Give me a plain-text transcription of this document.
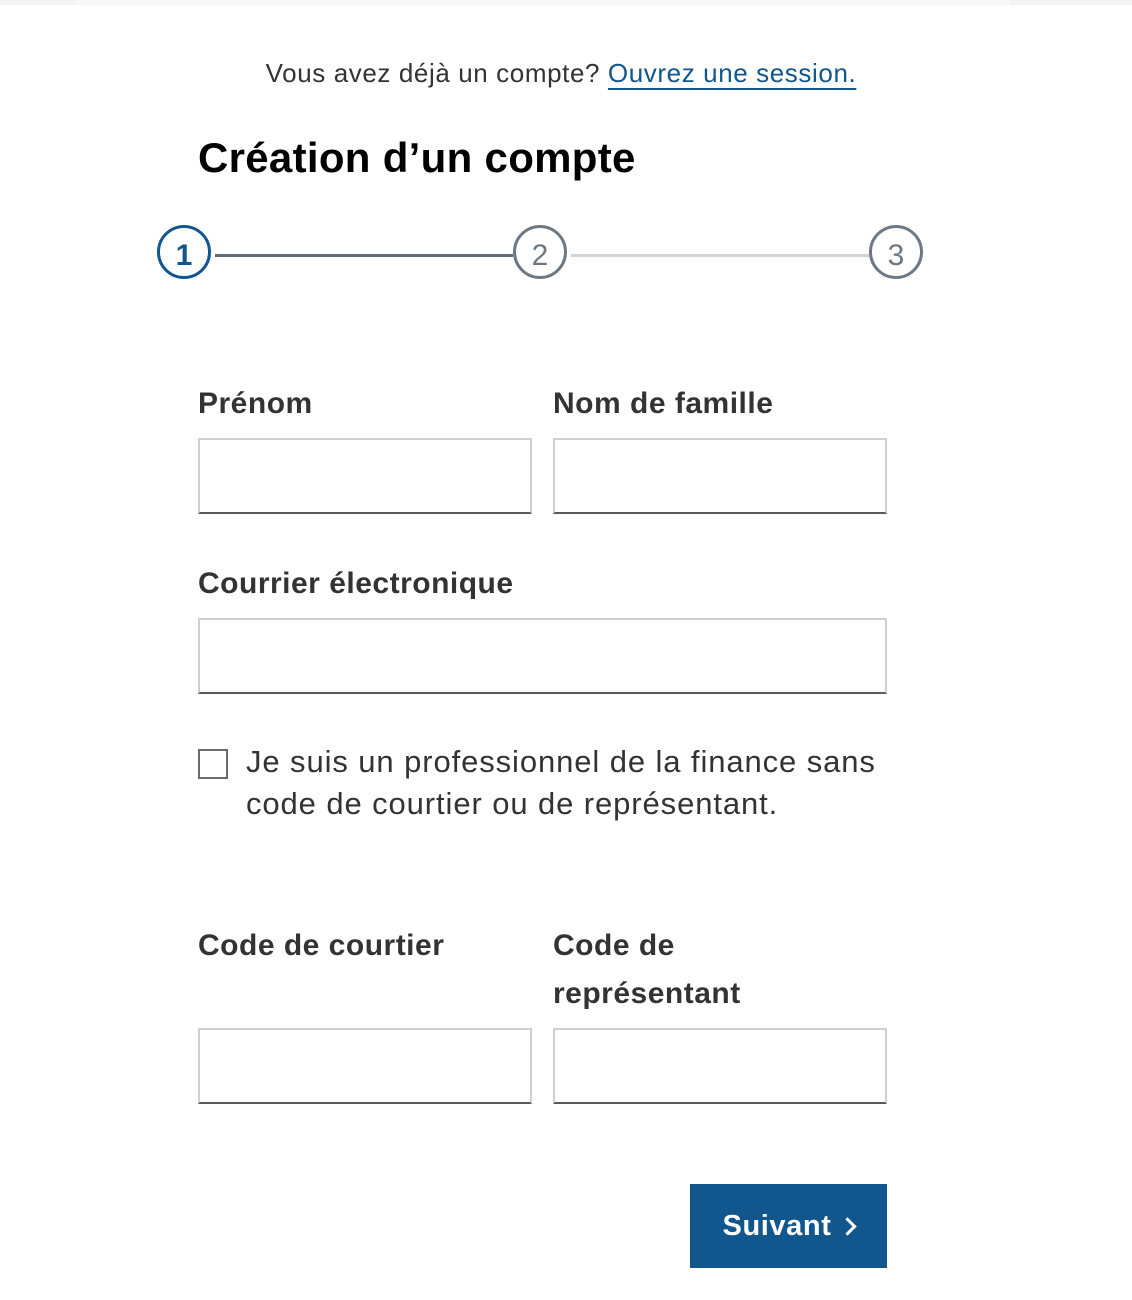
Vous avez déjà un compte? Ouvrez une session.
Création d’un compte
1	2	3
Prénom	Nom de famille
Courrier électronique
Je suis un professionnel de la finance sans code de courtier ou de représentant.
Code de courtier	Code de représentant
Suivant
